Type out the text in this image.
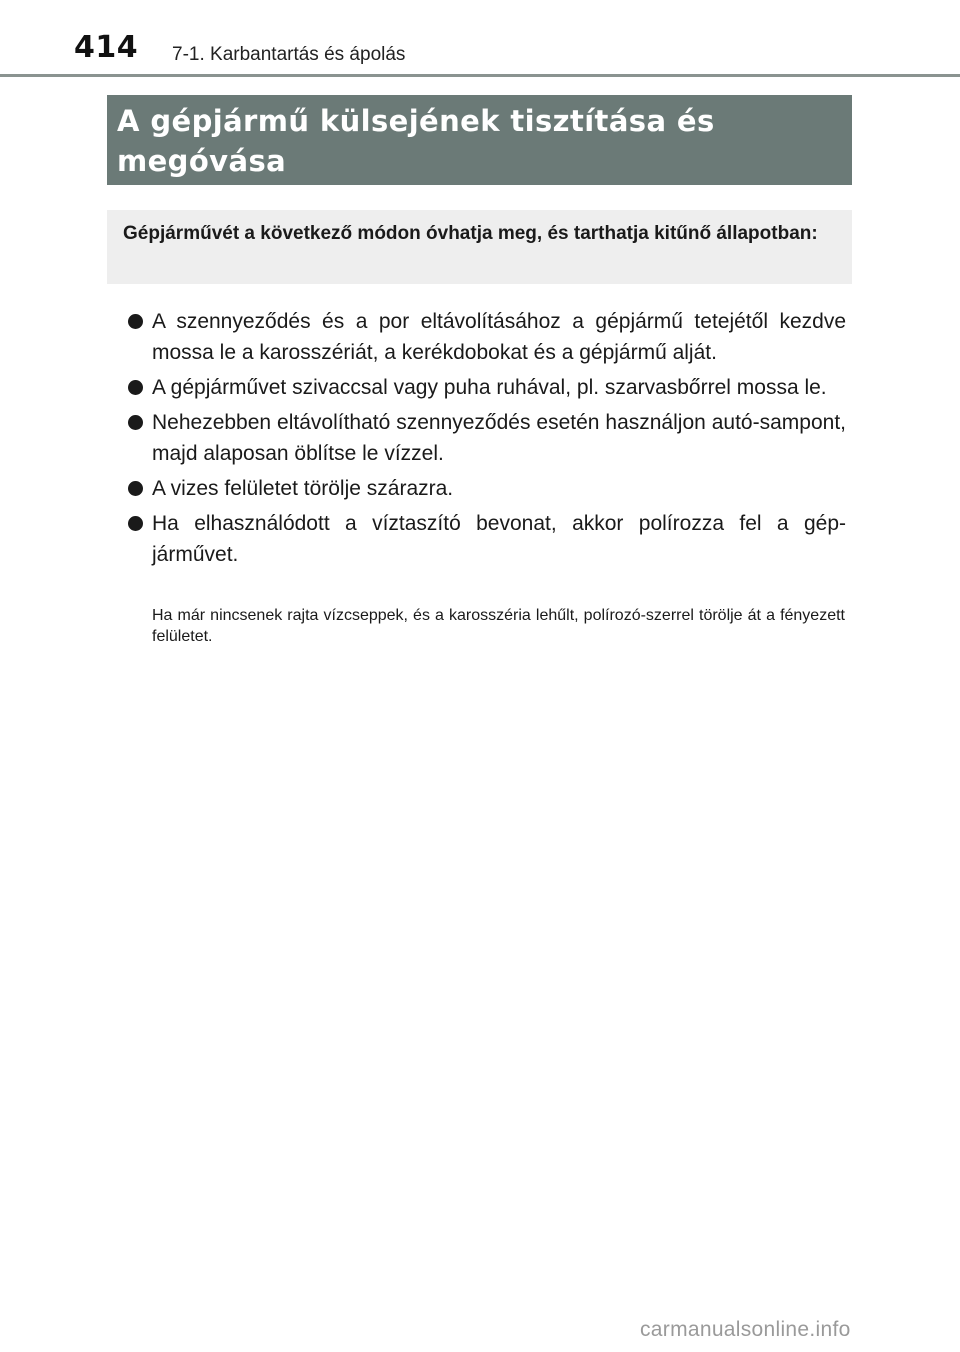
414 7-1. Karbantartás és ápolás
A gépjármű külsejének tisztítása és
megóvása

Gépjárművét a következő módon óvhatja meg, és tarthatja kitűnő állapotban:

A szennyeződés és a por eltávolításához a gépjármű tetejétől kezdve mossa le a karosszériát, a kerékdobokat és a gépjármű alját.
A gépjárművet szivaccsal vagy puha ruhával, pl. szarvasbőrrel mossa le.
Nehezebben eltávolítható szennyeződés esetén használjon autó-sampont, majd alaposan öblítse le vízzel.
A vizes felületet törölje szárazra.
Ha elhasználódott a víztaszító bevonat, akkor polírozza fel a gép-járművet.

Ha már nincsenek rajta vízcseppek, és a karosszéria lehűlt, polírozó-szerrel törölje át a fényezett felületet.

carmanualsonline.info
